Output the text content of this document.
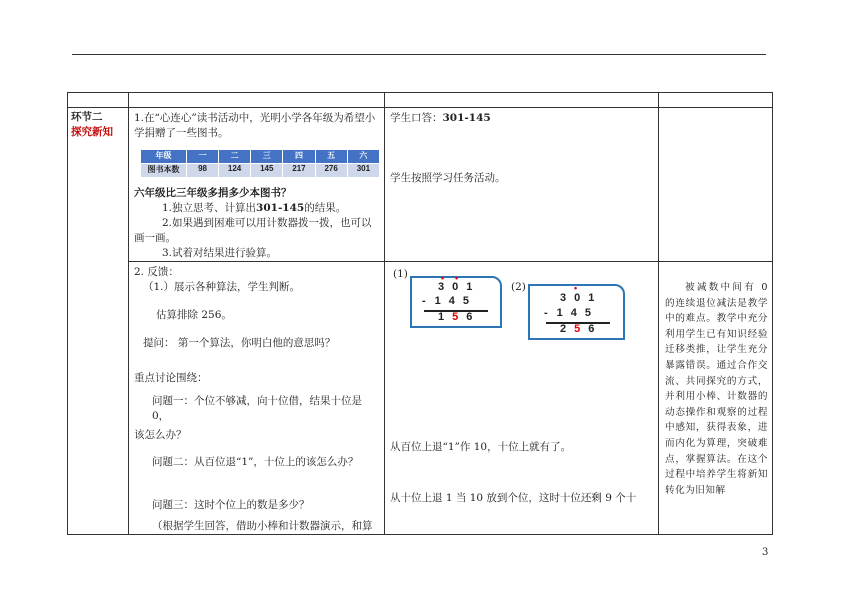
环节二
探究新知

1.在“心连心”读书活动中，光明小学各年级为希望小学捐赠了一些图书。
年级	一	二	三	四	五	六
图书本数	98	124	145	217	276	301
六年级比三年级多捐多少本图书？
1.独立思考、计算出301-145的结果。
2.如果遇到困难可以用计数器拨一拨，也可以画一画。
3.试着对结果进行验算。

学生口答：301-145
学生按照学习任务活动。

2. 反馈：
（1.）展示各种算法，学生判断。
估算排除 256。
提问： 第一个算法，你明白他的意思吗？
重点讨论围绕：
问题一：个位不够减，向十位借，结果十位是 0，
该怎么办？
问题二：从百位退“1”，十位上的该怎么办？
问题三：这时个位上的数是多少？
（根据学生回答，借助小棒和计数器演示，和算

(1)	• •
3 0 1
- 1 4 5
1 5 6
(2)	•
3 0 1
- 1 4 5
2 5 6
从百位上退“1”作 10，十位上就有了。
从十位上退 1 当 10 放到个位，这时十位还剩 9 个十

被减数中间有 0 的连续退位减法是教学中的难点。教学中充分利用学生已有知识经验迁移类推，让学生充分暴露错误。通过合作交流、共同探究的方式，并利用小棒、计数器的动态操作和观察的过程中感知，获得表象，进而内化为算理，突破难点，掌握算法。在这个过程中培养学生将新知转化为旧知解
3
